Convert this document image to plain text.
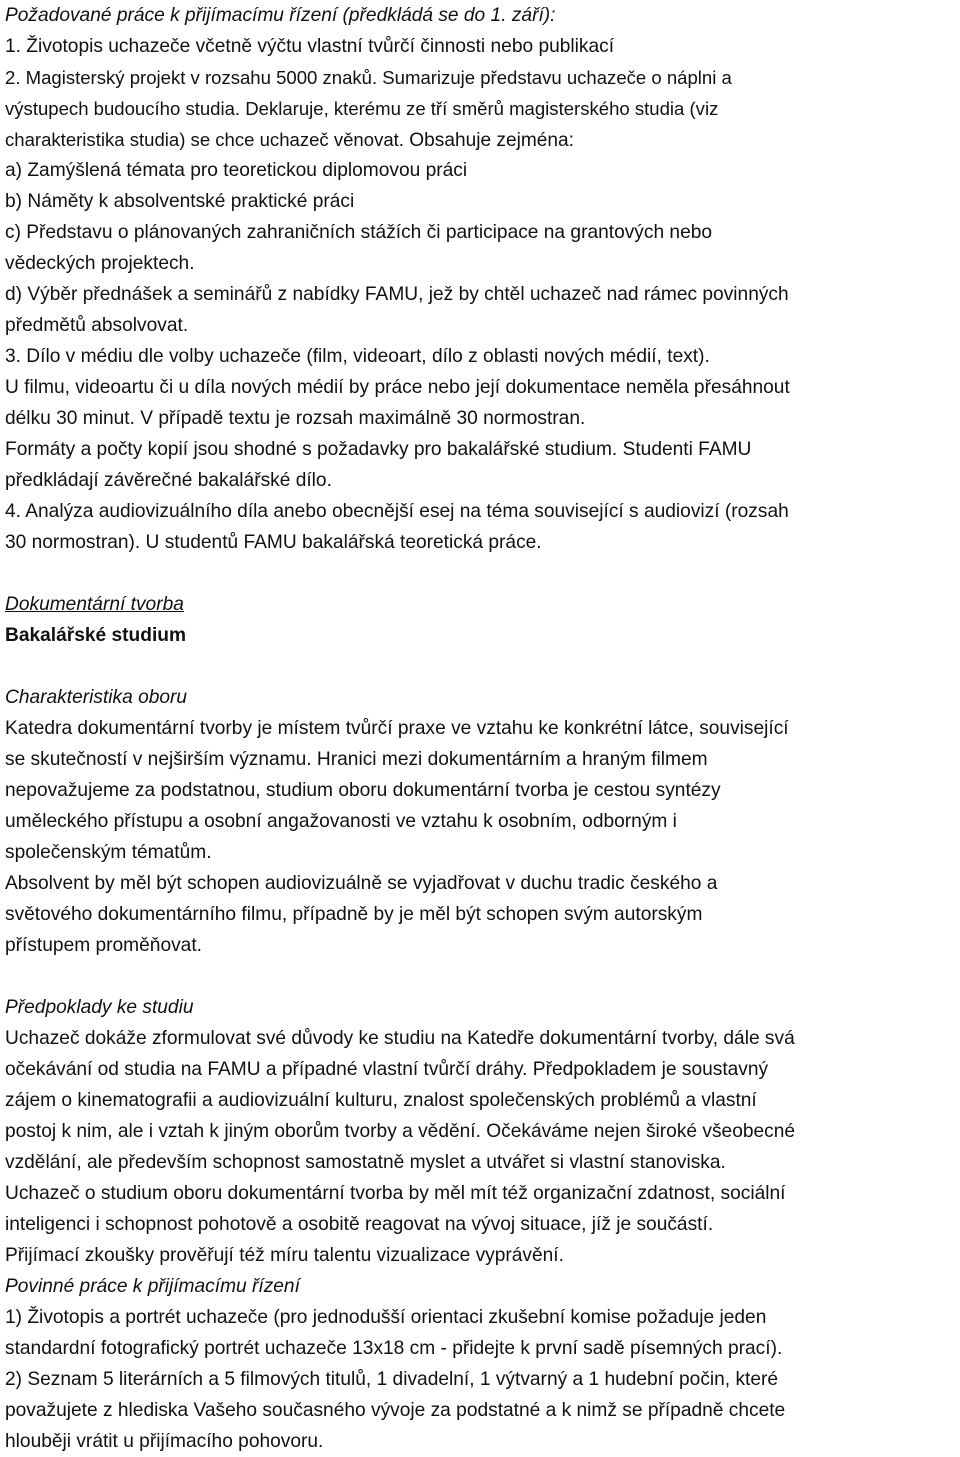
Požadované práce k přijímacímu řízení (předkládá se do 1. září):
1. Životopis uchazeče včetně výčtu vlastní tvůrčí činnosti nebo publikací
2. Magisterský projekt v rozsahu 5000 znaků. Sumarizuje představu uchazeče o náplni a
výstupech budoucího studia. Deklaruje, kterému ze tří směrů magisterského studia (viz
charakteristika studia) se chce uchazeč věnovat. Obsahuje zejména:
a) Zamýšlená témata pro teoretickou diplomovou práci
b) Náměty k absolventské praktické práci
c) Představu o plánovaných zahraničních stážích či participace na grantových nebo
vědeckých projektech.
d) Výběr přednášek a seminářů z nabídky FAMU, jež by chtěl uchazeč nad rámec povinných
předmětů absolvovat.
3. Dílo v médiu dle volby uchazeče (film, videoart, dílo z oblasti nových médií, text).
U filmu, videoartu či u díla nových médií by práce nebo její dokumentace neměla přesáhnout
délku 30 minut. V případě textu je rozsah maximálně 30 normostran.
Formáty a počty kopií jsou shodné s požadavky pro bakalářské studium. Studenti FAMU
předkládají závěrečné bakalářské dílo.
4. Analýza audiovizuálního díla anebo obecnější esej na téma související s audiovizí (rozsah
30 normostran). U studentů FAMU bakalářská teoretická práce.
Dokumentární tvorba
Bakalářské studium
Charakteristika oboru
Katedra dokumentární tvorby je místem tvůrčí praxe ve vztahu ke konkrétní látce, související
se skutečností v nejširším významu. Hranici mezi dokumentárním a hraným filmem
nepovažujeme za podstatnou, studium oboru dokumentární tvorba je cestou syntézy
uměleckého přístupu a osobní angažovanosti ve vztahu k osobním, odborným i
společenským tématům.
Absolvent by měl být schopen audiovizuálně se vyjadřovat v duchu tradic českého a
světového dokumentárního filmu, případně by je měl být schopen svým autorským
přístupem proměňovat.
Předpoklady ke studiu
Uchazeč dokáže zformulovat své důvody ke studiu na Katedře dokumentární tvorby, dále svá
očekávání od studia na FAMU a případné vlastní tvůrčí dráhy. Předpokladem je soustavný
zájem o kinematografii a audiovizuální kulturu, znalost společenských problémů a vlastní
postoj k nim, ale i vztah k jiným oborům tvorby a vědění. Očekáváme nejen široké všeobecné
vzdělání, ale především schopnost samostatně myslet a utvářet si vlastní stanoviska.
Uchazeč o studium oboru dokumentární tvorba by měl mít též organizační zdatnost, sociální
inteligenci i schopnost pohotově a osobitě reagovat na vývoj situace, jíž je součástí.
Přijímací zkoušky prověřují též míru talentu vizualizace vyprávění.
Povinné práce k přijímacímu řízení
1) Životopis a portrét uchazeče (pro jednodušší orientaci zkušební komise požaduje jeden
standardní fotografický portrét uchazeče 13x18 cm - přidejte k první sadě písemných prací).
2) Seznam 5 literárních a 5 filmových titulů, 1 divadelní, 1 výtvarný a 1 hudební počin, které
považujete z hlediska Vašeho současného vývoje za podstatné a k nimž se případně chcete
hlouběji vrátit u přijímacího pohovoru.
